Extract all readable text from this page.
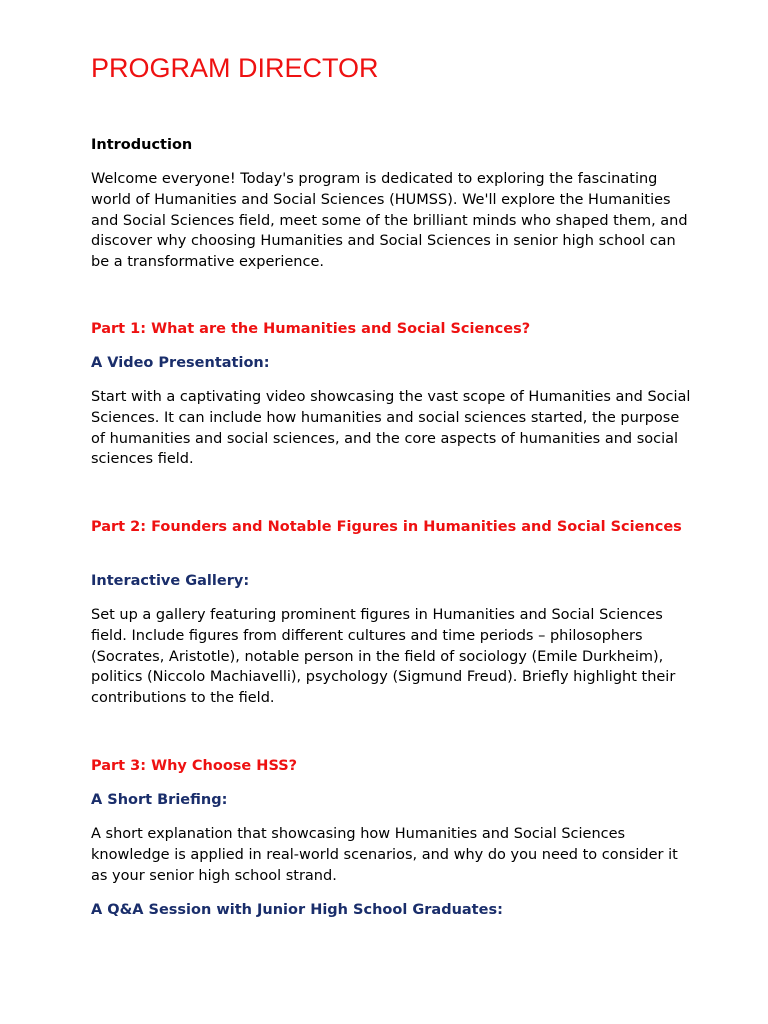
PROGRAM DIRECTOR
Introduction

Welcome everyone! Today's program is dedicated to exploring the fascinating world of Humanities and Social Sciences (HUMSS). We'll explore the Humanities and Social Sciences field, meet some of the brilliant minds who shaped them, and discover why choosing Humanities and Social Sciences in senior high school can be a transformative experience.

Part 1: What are the Humanities and Social Sciences?
A Video Presentation:

Start with a captivating video showcasing the vast scope of Humanities and Social Sciences. It can include how humanities and social sciences started, the purpose of humanities and social sciences, and the core aspects of humanities and social sciences field.

Part 2: Founders and Notable Figures in Humanities and Social Sciences
Interactive Gallery:

Set up a gallery featuring prominent figures in Humanities and Social Sciences field. Include figures from different cultures and time periods – philosophers (Socrates, Aristotle), notable person in the field of sociology (Emile Durkheim), politics (Niccolo Machiavelli), psychology (Sigmund Freud). Briefly highlight their contributions to the field.

Part 3: Why Choose HSS?
A Short Briefing:

A short explanation that showcasing how Humanities and Social Sciences knowledge is applied in real-world scenarios, and why do you need to consider it as your senior high school strand.

A Q&A Session with Junior High School Graduates:
